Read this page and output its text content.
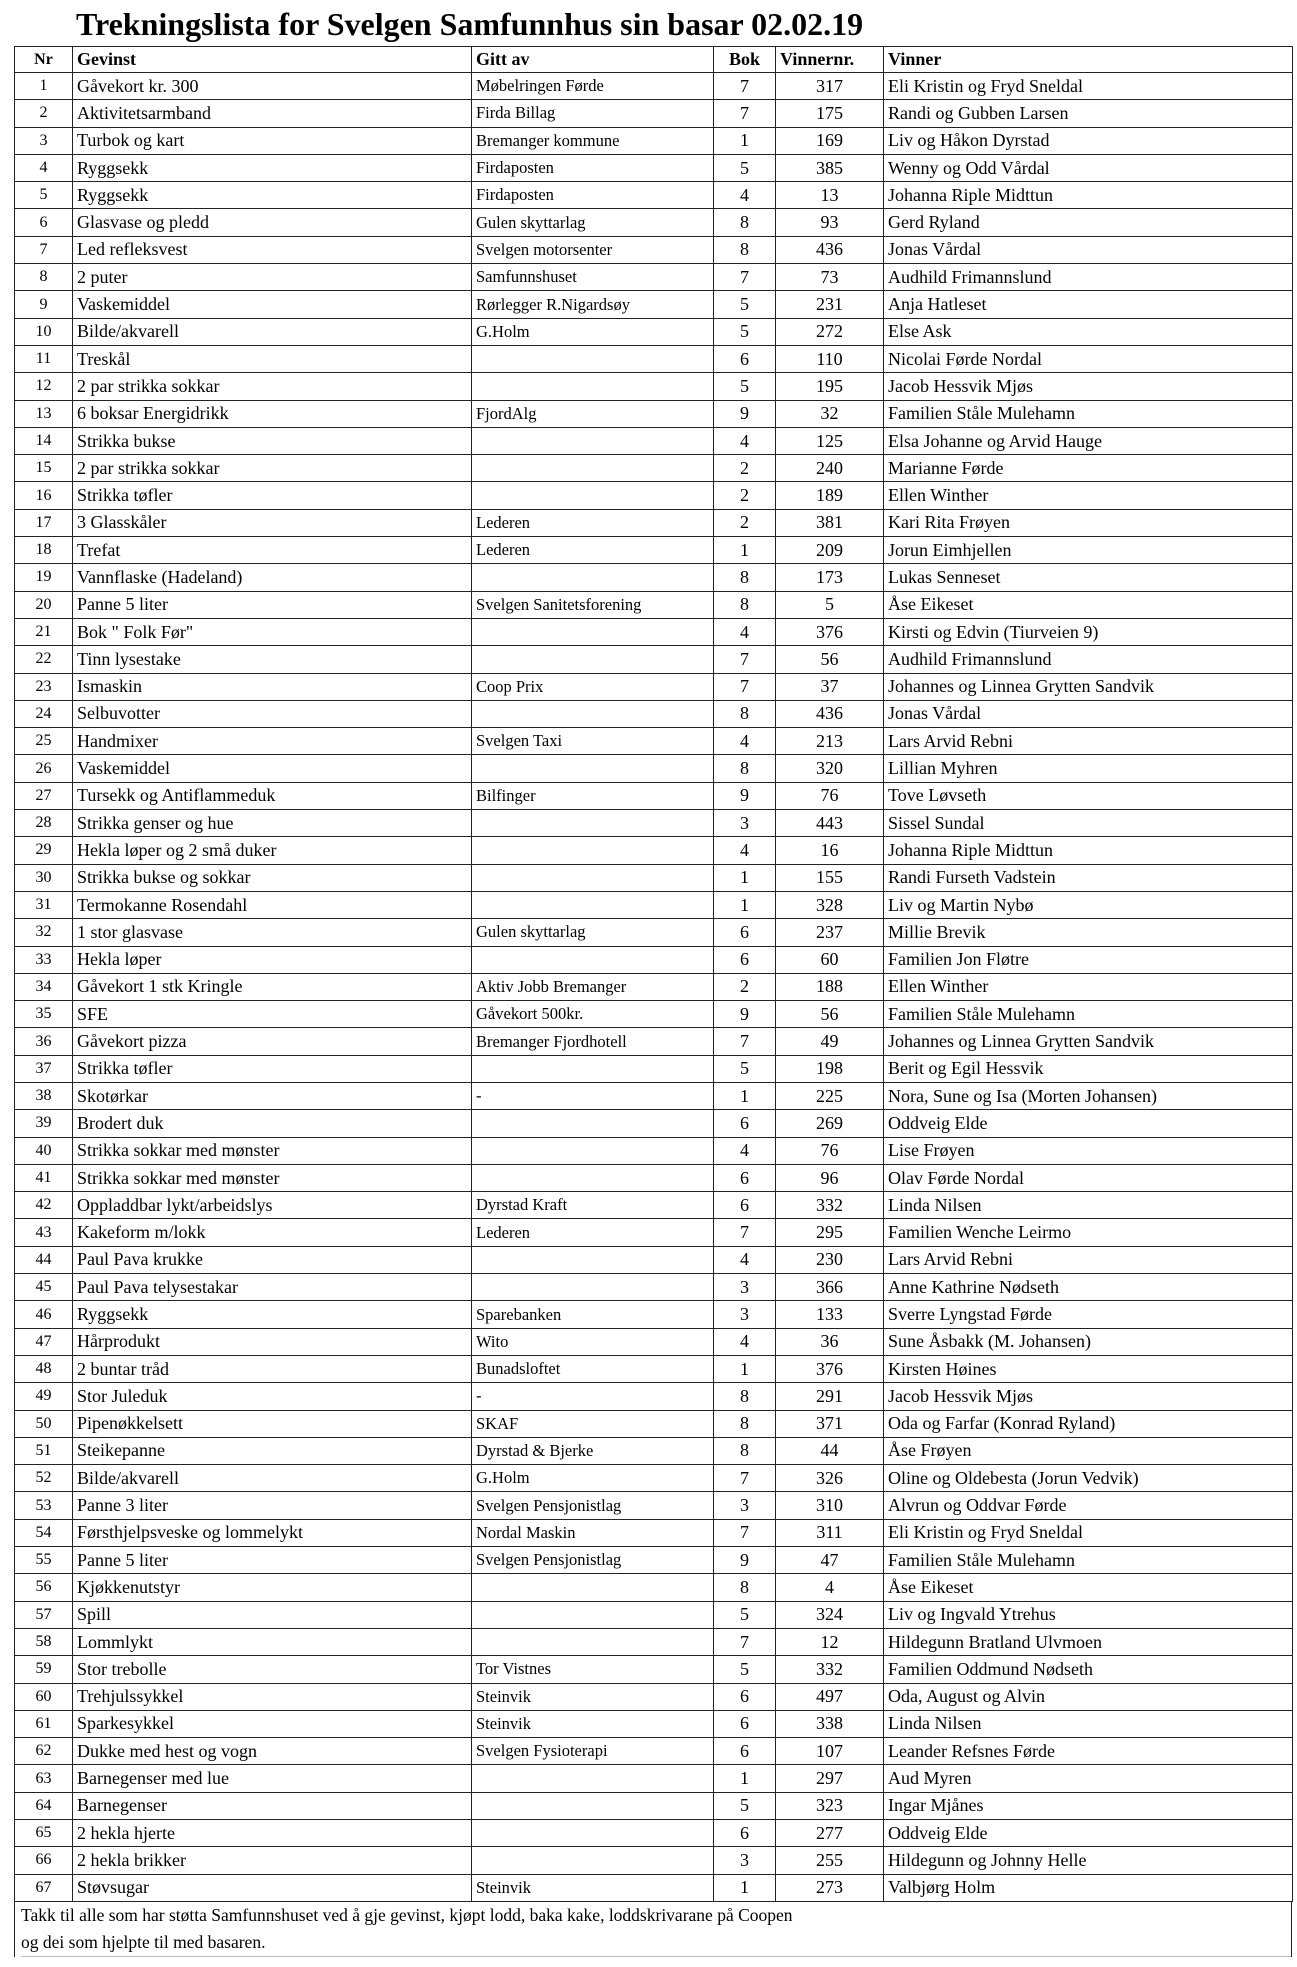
Trekningslista for Svelgen Samfunnhus sin basar 02.02.19
Nr	Gevinst	Gitt av	Bok	Vinnernr.	Vinner
1	Gåvekort kr. 300	Møbelringen Førde	7	317	Eli Kristin og Fryd Sneldal
2	Aktivitetsarmband	Firda Billag	7	175	Randi og Gubben Larsen
3	Turbok og kart	Bremanger kommune	1	169	Liv og Håkon Dyrstad
4	Ryggsekk	Firdaposten	5	385	Wenny og Odd Vårdal
5	Ryggsekk	Firdaposten	4	13	Johanna Riple Midttun
6	Glasvase og pledd	Gulen skyttarlag	8	93	Gerd Ryland
7	Led refleksvest	Svelgen motorsenter	8	436	Jonas Vårdal
8	2 puter	Samfunnshuset	7	73	Audhild Frimannslund
9	Vaskemiddel	Rørlegger R.Nigardsøy	5	231	Anja Hatleset
10	Bilde/akvarell	G.Holm	5	272	Else Ask
11	Treskål		6	110	Nicolai Førde Nordal
12	2 par strikka sokkar		5	195	Jacob Hessvik Mjøs
13	6 boksar Energidrikk	FjordAlg	9	32	Familien Ståle Mulehamn
14	Strikka bukse		4	125	Elsa Johanne og Arvid Hauge
15	2 par strikka sokkar		2	240	Marianne Førde
16	Strikka tøfler		2	189	Ellen Winther
17	3 Glasskåler	Lederen	2	381	Kari Rita Frøyen
18	Trefat	Lederen	1	209	Jorun Eimhjellen
19	Vannflaske (Hadeland)		8	173	Lukas Senneset
20	Panne 5 liter	Svelgen Sanitetsforening	8	5	Åse Eikeset
21	Bok " Folk Før"		4	376	Kirsti og Edvin (Tiurveien 9)
22	Tinn lysestake		7	56	Audhild Frimannslund
23	Ismaskin	Coop Prix	7	37	Johannes og Linnea Grytten Sandvik
24	Selbuvotter		8	436	Jonas Vårdal
25	Handmixer	Svelgen Taxi	4	213	Lars Arvid Rebni
26	Vaskemiddel		8	320	Lillian Myhren
27	Tursekk og Antiflammeduk	Bilfinger	9	76	Tove Løvseth
28	Strikka genser og hue		3	443	Sissel Sundal
29	Hekla løper og 2 små duker		4	16	Johanna Riple Midttun
30	Strikka bukse og sokkar		1	155	Randi Furseth Vadstein
31	Termokanne Rosendahl		1	328	Liv og Martin Nybø
32	1 stor glasvase	Gulen skyttarlag	6	237	Millie Brevik
33	Hekla løper		6	60	Familien Jon Fløtre
34	Gåvekort 1 stk Kringle	Aktiv Jobb Bremanger	2	188	Ellen Winther
35	SFE	Gåvekort 500kr.	9	56	Familien Ståle Mulehamn
36	Gåvekort pizza	Bremanger Fjordhotell	7	49	Johannes og Linnea Grytten Sandvik
37	Strikka tøfler		5	198	Berit og Egil Hessvik
38	Skotørkar	-	1	225	Nora, Sune og Isa (Morten Johansen)
39	Brodert duk		6	269	Oddveig Elde
40	Strikka sokkar med mønster		4	76	Lise Frøyen
41	Strikka sokkar med mønster		6	96	Olav Førde Nordal
42	Oppladdbar lykt/arbeidslys	Dyrstad Kraft	6	332	Linda Nilsen
43	Kakeform m/lokk	Lederen	7	295	Familien Wenche Leirmo
44	Paul Pava krukke		4	230	Lars Arvid Rebni
45	Paul Pava telysestakar		3	366	Anne Kathrine Nødseth
46	Ryggsekk	Sparebanken	3	133	Sverre Lyngstad Førde
47	Hårprodukt	Wito	4	36	Sune Åsbakk (M. Johansen)
48	2 buntar tråd	Bunadsloftet	1	376	Kirsten Høines
49	Stor Juleduk	-	8	291	Jacob Hessvik Mjøs
50	Pipenøkkelsett	SKAF	8	371	Oda og Farfar (Konrad Ryland)
51	Steikepanne	Dyrstad & Bjerke	8	44	Åse Frøyen
52	Bilde/akvarell	G.Holm	7	326	Oline og Oldebesta (Jorun Vedvik)
53	Panne 3 liter	Svelgen Pensjonistlag	3	310	Alvrun og Oddvar Førde
54	Førsthjelpsveske og lommelykt	Nordal Maskin	7	311	Eli Kristin og Fryd Sneldal
55	Panne 5 liter	Svelgen Pensjonistlag	9	47	Familien Ståle Mulehamn
56	Kjøkkenutstyr		8	4	Åse Eikeset
57	Spill		5	324	Liv og Ingvald Ytrehus
58	Lommlykt		7	12	Hildegunn Bratland Ulvmoen
59	Stor trebolle	Tor Vistnes	5	332	Familien Oddmund Nødseth
60	Trehjulssykkel	Steinvik	6	497	Oda, August og Alvin
61	Sparkesykkel	Steinvik	6	338	Linda Nilsen
62	Dukke med hest og vogn	Svelgen Fysioterapi	6	107	Leander Refsnes Førde
63	Barnegenser med lue		1	297	Aud Myren
64	Barnegenser		5	323	Ingar Mjånes
65	2 hekla hjerte		6	277	Oddveig Elde
66	2 hekla brikker		3	255	Hildegunn og Johnny Helle
67	Støvsugar	Steinvik	1	273	Valbjørg Holm
Takk til alle som har støtta Samfunnshuset ved å gje gevinst, kjøpt lodd, baka kake, loddskrivarane på Coopen
og dei som hjelpte til med basaren.
